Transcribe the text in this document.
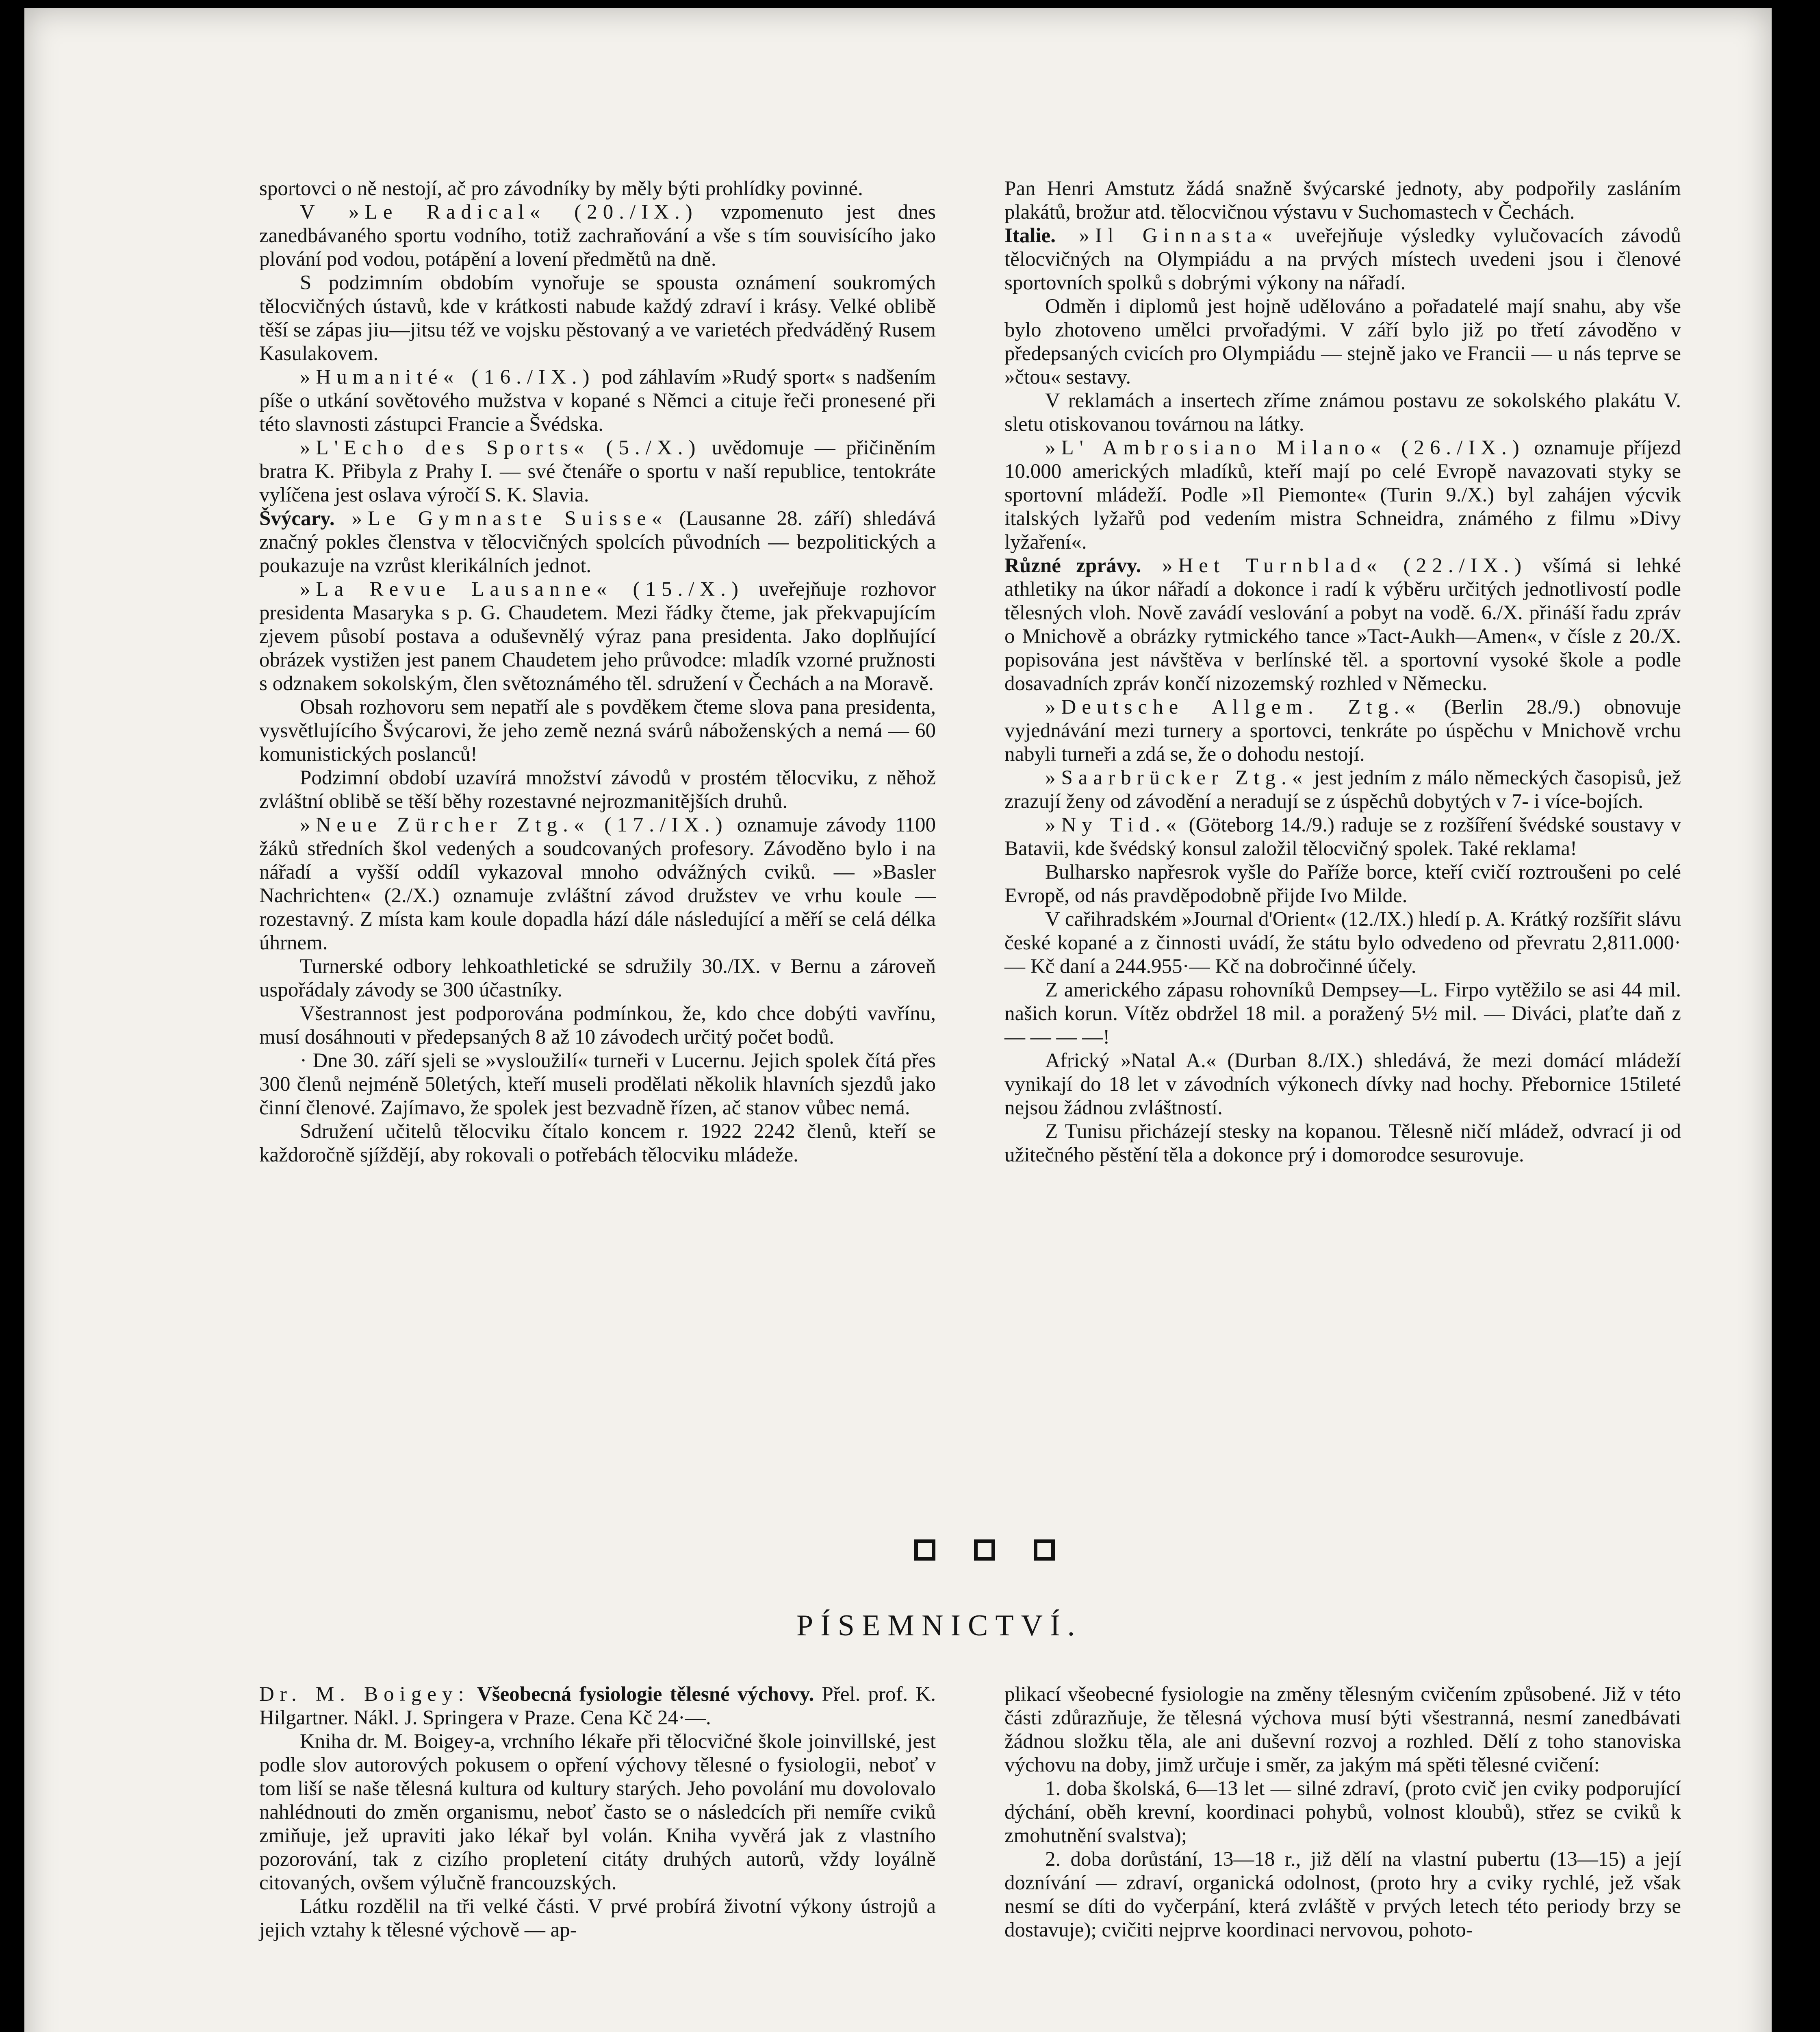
sportovci o ně nestojí, ač pro závodníky by měly býti prohlídky povinné.

V »Le Radical« (20./IX.) vzpomenuto jest dnes zanedbávaného sportu vodního, totiž zachraňování a vše s tím souvisícího jako plování pod vodou, potápění a lovení předmětů na dně.

S podzimním obdobím vynořuje se spousta oznámení soukromých tělocvičných ústavů, kde v krátkosti nabude každý zdraví i krásy. Velké oblibě těší se zápas jiu—jitsu též ve vojsku pěstovaný a ve varietéch předváděný Rusem Kasulakovem.

»Humanité« (16./IX.) pod záhlavím »Rudý sport« s nadšením píše o utkání sovětového mužstva v kopané s Němci a cituje řeči pronesené při této slavnosti zástupci Francie a Švédska.

»L'Echo des Sports« (5./X.) uvědomuje — přičiněním bratra K. Přibyla z Prahy I. — své čtenáře o sportu v naší republice, tentokráte vylíčena jest oslava výročí S. K. Slavia.

Švýcary. »Le Gymnaste Suisse« (Lausanne 28. září) shledává značný pokles členstva v tělocvičných spolcích původních — bezpolitických a poukazuje na vzrůst klerikálních jednot.

»La Revue Lausanne« (15./X.) uveřejňuje rozhovor presidenta Masaryka s p. G. Chaudetem. Mezi řádky čteme, jak překvapujícím zjevem působí postava a oduševnělý výraz pana presidenta. Jako doplňující obrázek vystižen jest panem Chaudetem jeho průvodce: mladík vzorné pružnosti s odznakem sokolským, člen světoznámého těl. sdružení v Čechách a na Moravě.

Obsah rozhovoru sem nepatří ale s povděkem čteme slova pana presidenta, vysvětlujícího Švýcarovi, že jeho země nezná svárů náboženských a nemá — 60 komunistických poslanců!

Podzimní období uzavírá množství závodů v prostém tělocviku, z něhož zvláštní oblibě se těší běhy rozestavné nejrozmanitějších druhů.

»Neue Zürcher Ztg.« (17./IX.) oznamuje závody 1100 žáků středních škol vedených a soudcovaných profesory. Závoděno bylo i na nářadí a vyšší oddíl vykazoval mnoho odvážných cviků. — »Basler Nachrichten« (2./X.) oznamuje zvláštní závod družstev ve vrhu koule — rozestavný. Z místa kam koule dopadla hází dále následující a měří se celá délka úhrnem.

Turnerské odbory lehkoathletické se sdružily 30./IX. v Bernu a zároveň uspořádaly závody se 300 účastníky.

Všestrannost jest podporována podmínkou, že, kdo chce dobýti vavřínu, musí dosáhnouti v předepsaných 8 až 10 závodech určitý počet bodů.

· Dne 30. září sjeli se »vysloužilí« turneři v Lucernu. Jejich spolek čítá přes 300 členů nejméně 50letých, kteří museli prodělati několik hlavních sjezdů jako činní členové. Zajímavo, že spolek jest bezvadně řízen, ač stanov vůbec nemá.

Sdružení učitelů tělocviku čítalo koncem r. 1922 2242 členů, kteří se každoročně sjíždějí, aby rokovali o potřebách tělocviku mládeže.

Pan Henri Amstutz žádá snažně švýcarské jednoty, aby podpořily zasláním plakátů, brožur atd. tělocvičnou výstavu v Suchomastech v Čechách.

Italie. »Il Ginnasta« uveřejňuje výsledky vylučovacích závodů tělocvičných na Olympiádu a na prvých místech uvedeni jsou i členové sportovních spolků s dobrými výkony na nářadí.

Odměn i diplomů jest hojně udělováno a pořadatelé mají snahu, aby vše bylo zhotoveno umělci prvořadými. V září bylo již po třetí závoděno v předepsaných cvicích pro Olympiádu — stejně jako ve Francii — u nás teprve se »čtou« sestavy.

V reklamách a insertech zříme známou postavu ze sokolského plakátu V. sletu otiskovanou továrnou na látky.

»L' Ambrosiano Milano« (26./IX.) oznamuje příjezd 10.000 amerických mladíků, kteří mají po celé Evropě navazovati styky se sportovní mládeží. Podle »Il Piemonte« (Turin 9./X.) byl zahájen výcvik italských lyžařů pod vedením mistra Schneidra, známého z filmu »Divy lyžaření«.

Různé zprávy. »Het Turnblad« (22./IX.) všímá si lehké athletiky na úkor nářadí a dokonce i radí k výběru určitých jednotlivostí podle tělesných vloh. Nově zavádí veslování a pobyt na vodě. 6./X. přináší řadu zpráv o Mnichově a obrázky rytmického tance »Tact-Aukh—Amen«, v čísle z 20./X. popisována jest návštěva v berlínské těl. a sportovní vysoké škole a podle dosavadních zpráv končí nizozemský rozhled v Německu.

»Deutsche Allgem. Ztg.« (Berlin 28./9.) obnovuje vyjednávání mezi turnery a sportovci, tenkráte po úspěchu v Mnichově vrchu nabyli turneři a zdá se, že o dohodu nestojí.

»Saarbrücker Ztg.« jest jedním z málo německých časopisů, jež zrazují ženy od závodění a neradují se z úspěchů dobytých v 7- i více-bojích.

»Ny Tid.« (Göteborg 14./9.) raduje se z rozšíření švédské soustavy v Batavii, kde švédský konsul založil tělocvičný spolek. Také reklama!

Bulharsko napřesrok vyšle do Paříže borce, kteří cvičí roztroušeni po celé Evropě, od nás pravděpodobně přijde Ivo Milde.

V cařihradském »Journal d'Orient« (12./IX.) hledí p. A. Krátký rozšířit slávu české kopané a z činnosti uvádí, že státu bylo odvedeno od převratu 2,811.000·— Kč daní a 244.955·— Kč na dobročinné účely.

Z amerického zápasu rohovníků Dempsey—L. Firpo vytěžilo se asi 44 mil. našich korun. Vítěz obdržel 18 mil. a poražený 5½ mil. — Diváci, plaťte daň z — — — —!

Africký »Natal A.« (Durban 8./IX.) shledává, že mezi domácí mládeží vynikají do 18 let v závodních výkonech dívky nad hochy. Přebornice 15tileté nejsou žádnou zvláštností.

Z Tunisu přicházejí stesky na kopanou. Tělesně ničí mládež, odvrací ji od užitečného pěstění těla a dokonce prý i domorodce sesurovuje.

PÍSEMNICTVÍ.

Dr. M. Boigey: Všeobecná fysiologie tělesné výchovy. Přel. prof. K. Hilgartner. Nákl. J. Springera v Praze. Cena Kč 24·—.

Kniha dr. M. Boigey-a, vrchního lékaře při tělocvičné škole joinvillské, jest podle slov autorových pokusem o opření výchovy tělesné o fysiologii, neboť v tom liší se naše tělesná kultura od kultury starých. Jeho povolání mu dovolovalo nahlédnouti do změn organismu, neboť často se o následcích při nemíře cviků zmiňuje, jež upraviti jako lékař byl volán. Kniha vyvěrá jak z vlastního pozorování, tak z cizího propletení citáty druhých autorů, vždy loyálně citovaných, ovšem výlučně francouzských.

Látku rozdělil na tři velké části. V prvé probírá životní výkony ústrojů a jejich vztahy k tělesné výchově — ap-

plikací všeobecné fysiologie na změny tělesným cvičením způsobené. Již v této části zdůrazňuje, že tělesná výchova musí býti všestranná, nesmí zanedbávati žádnou složku těla, ale ani duševní rozvoj a rozhled. Dělí z toho stanoviska výchovu na doby, jimž určuje i směr, za jakým má spěti tělesné cvičení:

1. doba školská, 6—13 let — silné zdraví, (proto cvič jen cviky podporující dýchání, oběh krevní, koordinaci pohybů, volnost kloubů), střez se cviků k zmohutnění svalstva);

2. doba dorůstání, 13—18 r., již dělí na vlastní pubertu (13—15) a její doznívání — zdraví, organická odolnost, (proto hry a cviky rychlé, jež však nesmí se díti do vyčerpání, která zvláště v prvých letech této periody brzy se dostavuje); cvičiti nejprve koordinaci nervovou, pohoto-
